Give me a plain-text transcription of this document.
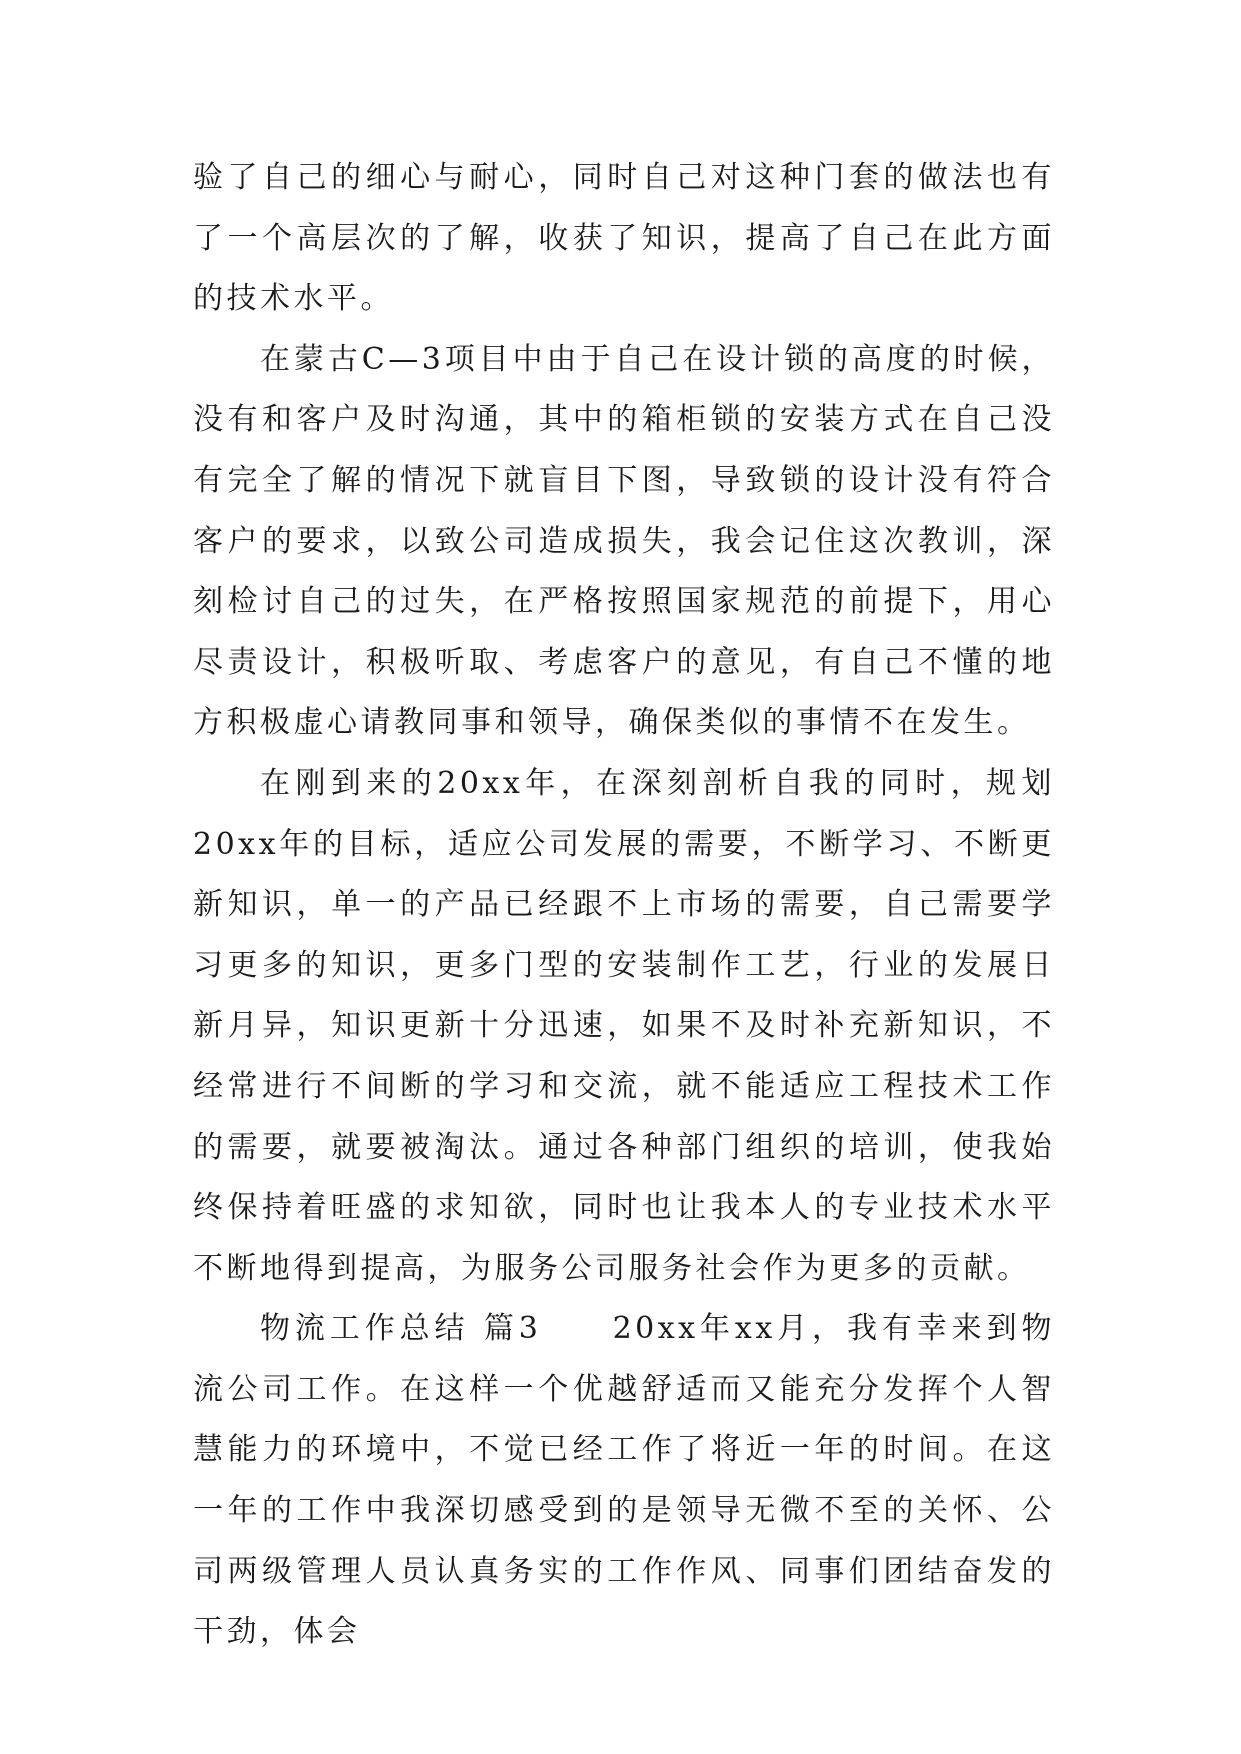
验了自己的细心与耐心，同时自己对这种门套的做法也有了一个高层次的了解，收获了知识，提高了自己在此方面的技术水平。

在蒙古C—3项目中由于自己在设计锁的高度的时候，没有和客户及时沟通，其中的箱柜锁的安装方式在自己没有完全了解的情况下就盲目下图，导致锁的设计没有符合客户的要求，以致公司造成损失，我会记住这次教训，深刻检讨自己的过失，在严格按照国家规范的前提下，用心尽责设计，积极听取、考虑客户的意见，有自己不懂的地方积极虚心请教同事和领导，确保类似的事情不在发生。

在刚到来的20xx年，在深刻剖析自我的同时，规划20xx年的目标，适应公司发展的需要，不断学习、不断更新知识，单一的产品已经跟不上市场的需要，自己需要学习更多的知识，更多门型的安装制作工艺，行业的发展日新月异，知识更新十分迅速，如果不及时补充新知识，不经常进行不间断的学习和交流，就不能适应工程技术工作的需要，就要被淘汰。通过各种部门组织的培训，使我始终保持着旺盛的求知欲，同时也让我本人的专业技术水平不断地得到提高，为服务公司服务社会作为更多的贡献。

物流工作总结 篇3　　20xx年xx月，我有幸来到物流公司工作。在这样一个优越舒适而又能充分发挥个人智慧能力的环境中，不觉已经工作了将近一年的时间。在这一年的工作中我深切感受到的是领导无微不至的关怀、公司两级管理人员认真务实的工作作风、同事们团结奋发的干劲，体会
